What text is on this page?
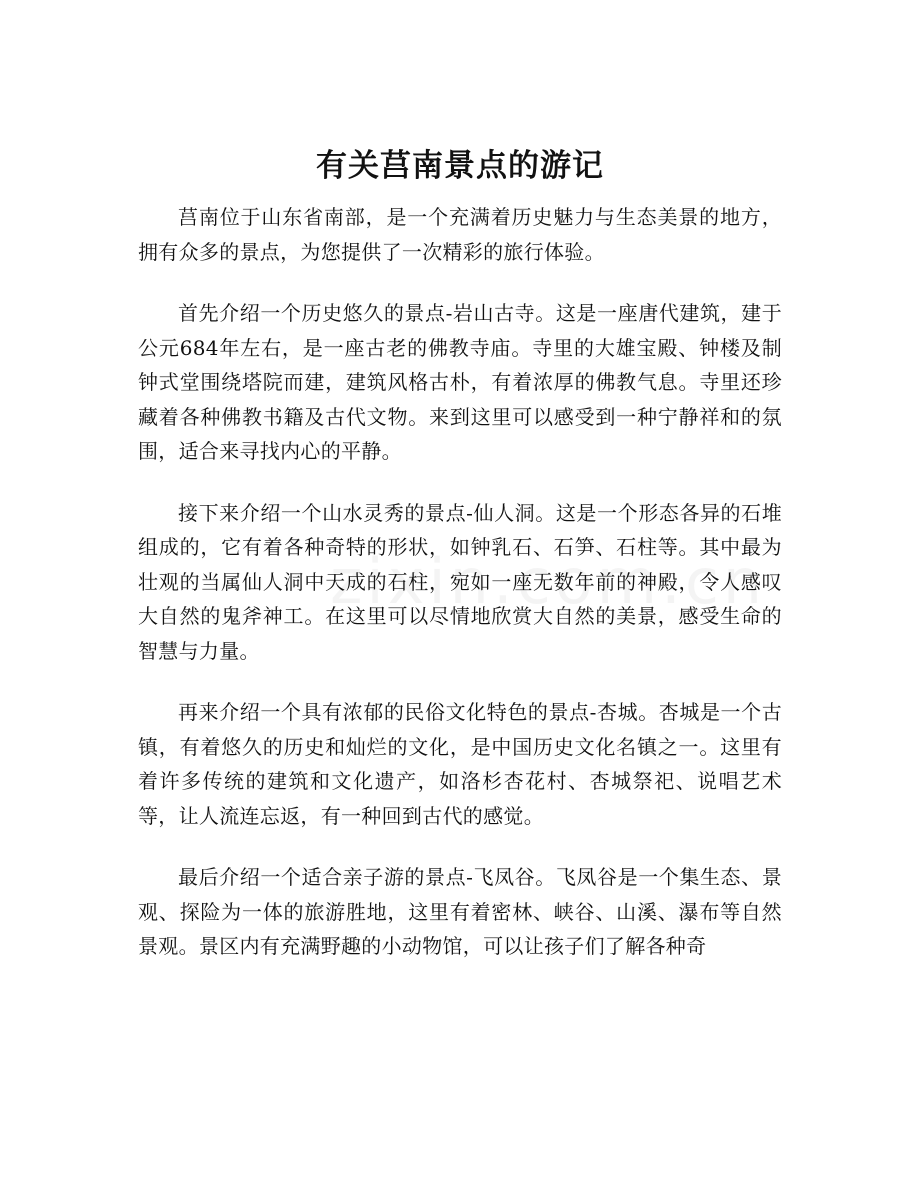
有关莒南景点的游记

莒南位于山东省南部，是一个充满着历史魅力与生态美景的地方，拥有众多的景点，为您提供了一次精彩的旅行体验。

首先介绍一个历史悠久的景点-岩山古寺。这是一座唐代建筑，建于公元684年左右，是一座古老的佛教寺庙。寺里的大雄宝殿、钟楼及制钟式堂围绕塔院而建，建筑风格古朴，有着浓厚的佛教气息。寺里还珍藏着各种佛教书籍及古代文物。来到这里可以感受到一种宁静祥和的氛围，适合来寻找内心的平静。

接下来介绍一个山水灵秀的景点-仙人洞。这是一个形态各异的石堆组成的，它有着各种奇特的形状，如钟乳石、石笋、石柱等。其中最为壮观的当属仙人洞中天成的石柱，宛如一座无数年前的神殿，令人感叹大自然的鬼斧神工。在这里可以尽情地欣赏大自然的美景，感受生命的智慧与力量。

再来介绍一个具有浓郁的民俗文化特色的景点-杏城。杏城是一个古镇，有着悠久的历史和灿烂的文化，是中国历史文化名镇之一。这里有着许多传统的建筑和文化遗产，如洛杉杏花村、杏城祭祀、说唱艺术等，让人流连忘返，有一种回到古代的感觉。

最后介绍一个适合亲子游的景点-飞凤谷。飞凤谷是一个集生态、景观、探险为一体的旅游胜地，这里有着密林、峡谷、山溪、瀑布等自然景观。景区内有充满野趣的小动物馆，可以让孩子们了解各种奇
